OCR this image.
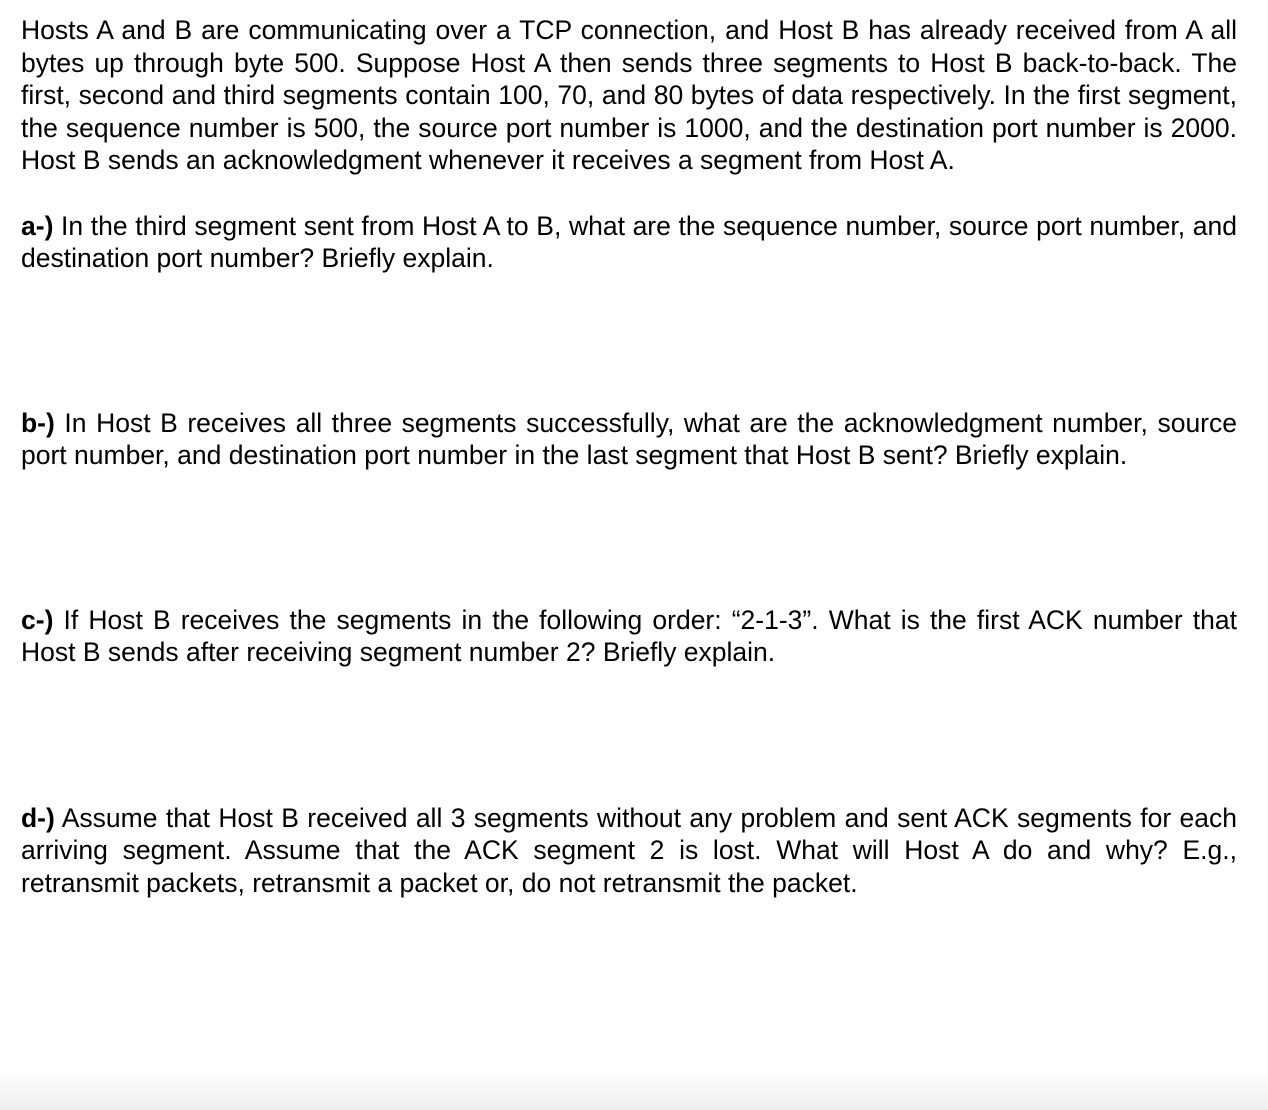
Hosts A and B are communicating over a TCP connection, and Host B has already received from A all bytes up through byte 500. Suppose Host A then sends three segments to Host B back-to-back. The first, second and third segments contain 100, 70, and 80 bytes of data respectively. In the first segment, the sequence number is 500, the source port number is 1000, and the destination port number is 2000. Host B sends an acknowledgment whenever it receives a segment from Host A.

a-) In the third segment sent from Host A to B, what are the sequence number, source port number, and destination port number? Briefly explain.

b-) In Host B receives all three segments successfully, what are the acknowledgment number, source port number, and destination port number in the last segment that Host B sent? Briefly explain.

c-) If Host B receives the segments in the following order: “2-1-3”. What is the first ACK number that Host B sends after receiving segment number 2? Briefly explain.

d-) Assume that Host B received all 3 segments without any problem and sent ACK segments for each arriving segment. Assume that the ACK segment 2 is lost. What will Host A do and why? E.g., retransmit packets, retransmit a packet or, do not retransmit the packet.
